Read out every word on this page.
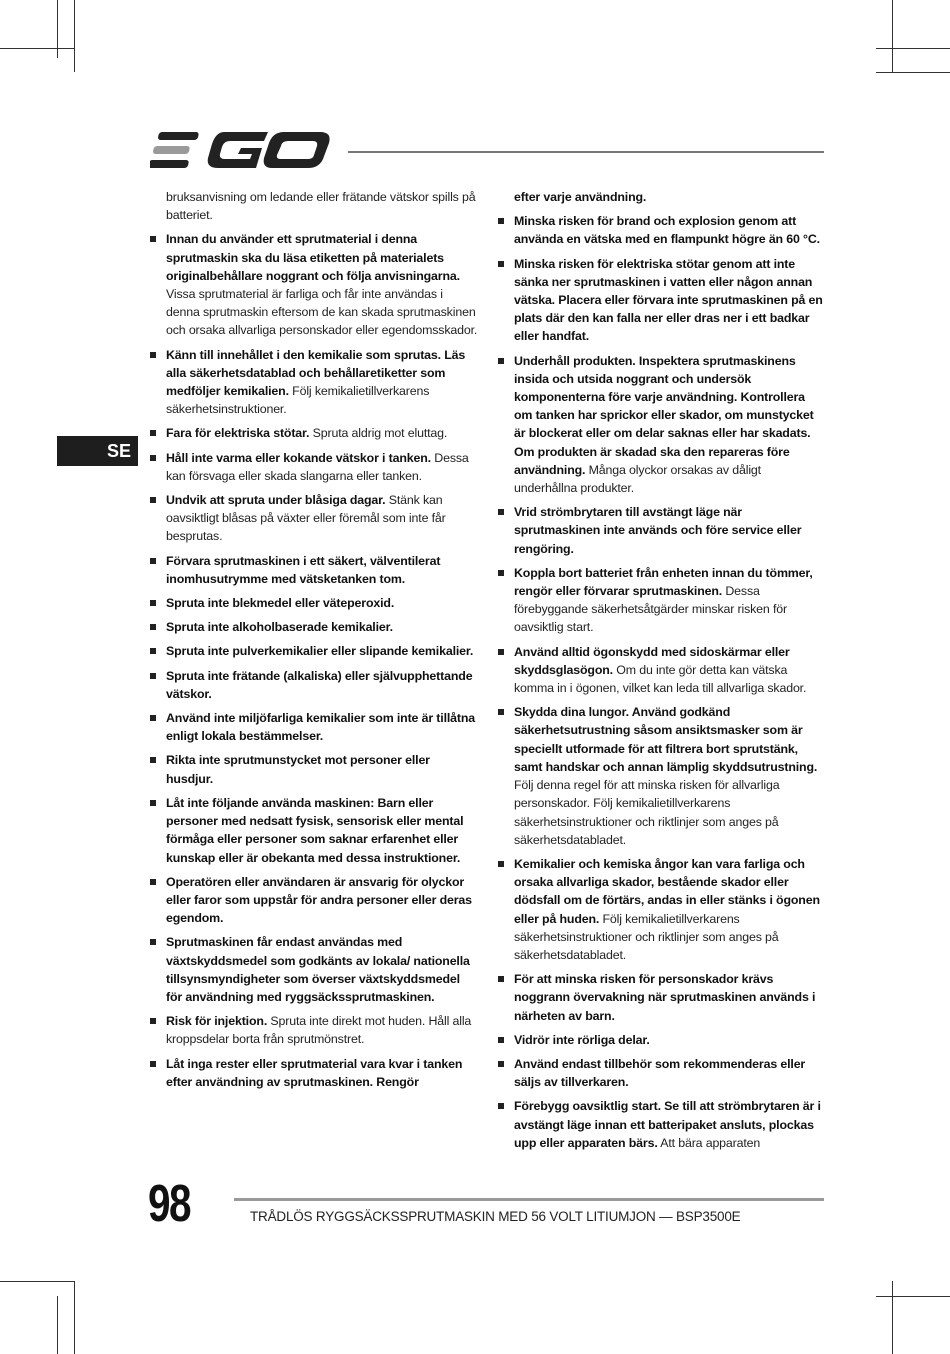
SE
bruksanvisning om ledande eller frätande vätskor spills på batteriet.
Innan du använder ett sprutmaterial i denna sprutmaskin ska du läsa etiketten på materialets originalbehållare noggrant och följa anvisningarna. Vissa sprutmaterial är farliga och får inte användas i denna sprutmaskin eftersom de kan skada sprutmaskinen och orsaka allvarliga personskador eller egendomsskador.
Känn till innehållet i den kemikalie som sprutas. Läs alla säkerhetsdatablad och behållaretiketter som medföljer kemikalien. Följ kemikalietillverkarens säkerhetsinstruktioner.
Fara för elektriska stötar. Spruta aldrig mot eluttag.
Håll inte varma eller kokande vätskor i tanken. Dessa kan försvaga eller skada slangarna eller tanken.
Undvik att spruta under blåsiga dagar. Stänk kan oavsiktligt blåsas på växter eller föremål som inte får besprutas.
Förvara sprutmaskinen i ett säkert, välventilerat inomhusutrymme med vätsketanken tom.
Spruta inte blekmedel eller väteperoxid.
Spruta inte alkoholbaserade kemikalier.
Spruta inte pulverkemikalier eller slipande kemikalier.
Spruta inte frätande (alkaliska) eller självupphettande vätskor.
Använd inte miljöfarliga kemikalier som inte är tillåtna enligt lokala bestämmelser.
Rikta inte sprutmunstycket mot personer eller husdjur.
Låt inte följande använda maskinen: Barn eller personer med nedsatt fysisk, sensorisk eller mental förmåga eller personer som saknar erfarenhet eller kunskap eller är obekanta med dessa instruktioner.
Operatören eller användaren är ansvarig för olyckor eller faror som uppstår för andra personer eller deras egendom.
Sprutmaskinen får endast användas med växtskyddsmedel som godkänts av lokala/ nationella tillsynsmyndigheter som överser växtskyddsmedel för användning med ryggsäckssprutmaskinen.
Risk för injektion. Spruta inte direkt mot huden. Håll alla kroppsdelar borta från sprutmönstret.
Låt inga rester eller sprutmaterial vara kvar i tanken efter användning av sprutmaskinen. Rengör
efter varje användning.
Minska risken för brand och explosion genom att använda en vätska med en flampunkt högre än 60 °C.
Minska risken för elektriska stötar genom att inte sänka ner sprutmaskinen i vatten eller någon annan vätska. Placera eller förvara inte sprutmaskinen på en plats där den kan falla ner eller dras ner i ett badkar eller handfat.
Underhåll produkten. Inspektera sprutmaskinens insida och utsida noggrant och undersök komponenterna före varje användning. Kontrollera om tanken har sprickor eller skador, om munstycket är blockerat eller om delar saknas eller har skadats. Om produkten är skadad ska den repareras före användning. Många olyckor orsakas av dåligt underhållna produkter.
Vrid strömbrytaren till avstängt läge när sprutmaskinen inte används och före service eller rengöring.
Koppla bort batteriet från enheten innan du tömmer, rengör eller förvarar sprutmaskinen. Dessa förebyggande säkerhetsåtgärder minskar risken för oavsiktlig start.
Använd alltid ögonskydd med sidoskärmar eller skyddsglasögon. Om du inte gör detta kan vätska komma in i ögonen, vilket kan leda till allvarliga skador.
Skydda dina lungor. Använd godkänd säkerhetsutrustning såsom ansiktsmasker som är speciellt utformade för att filtrera bort sprutstänk, samt handskar och annan lämplig skyddsutrustning. Följ denna regel för att minska risken för allvarliga personskador. Följ kemikalietillverkarens säkerhetsinstruktioner och riktlinjer som anges på säkerhetsdatabladet.
Kemikalier och kemiska ångor kan vara farliga och orsaka allvarliga skador, bestående skador eller dödsfall om de förtärs, andas in eller stänks i ögonen eller på huden. Följ kemikalietillverkarens säkerhetsinstruktioner och riktlinjer som anges på säkerhetsdatabladet.
För att minska risken för personskador krävs noggrann övervakning när sprutmaskinen används i närheten av barn.
Vidrör inte rörliga delar.
Använd endast tillbehör som rekommenderas eller säljs av tillverkaren.
Förebygg oavsiktlig start. Se till att strömbrytaren är i avstängt läge innan ett batteripaket ansluts, plockas upp eller apparaten bärs. Att bära apparaten
98	TRÅDLÖS RYGGSÄCKSSPRUTMASKIN MED 56 VOLT LITIUMJON — BSP3500E
